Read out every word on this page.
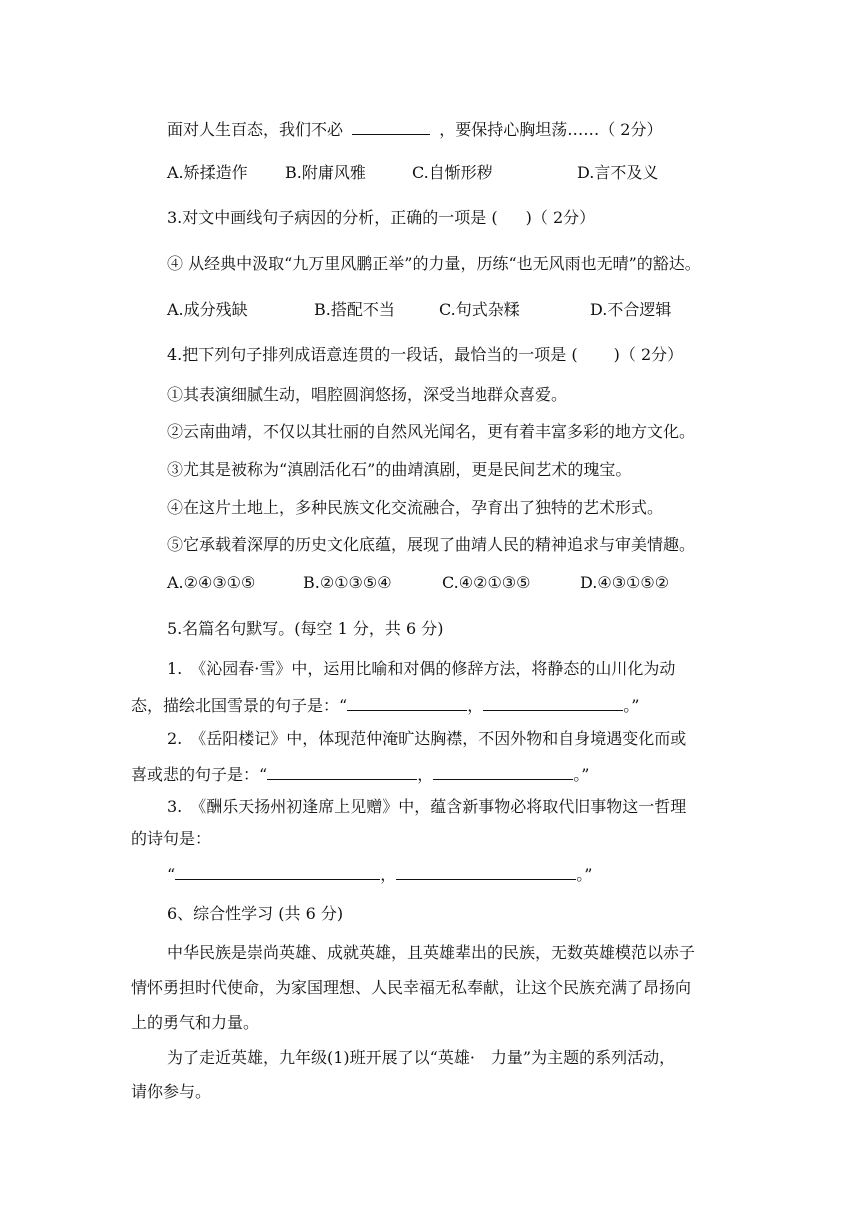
面对人生百态，我们不必	，要保持心胸坦荡……（ 2分）
A.矫揉造作 B.附庸风雅	C.自惭形秽	D.言不及义
3.对文中画线句子病因的分析，正确的一项是 ( )（ 2分）
④ 从经典中汲取“九万里风鹏正举”的力量，历练“也无风雨也无晴”的豁达。
A.成分残缺	B.搭配不当	C.句式杂糅	D.不合逻辑
4.把下列句子排列成语意连贯的一段话，最恰当的一项是 ( )（ 2分）
①其表演细腻生动，唱腔圆润悠扬，深受当地群众喜爱。
②云南曲靖，不仅以其壮丽的自然风光闻名，更有着丰富多彩的地方文化。
③尤其是被称为“滇剧活化石”的曲靖滇剧，更是民间艺术的瑰宝。
④在这片土地上，多种民族文化交流融合，孕育出了独特的艺术形式。
⑤它承载着深厚的历史文化底蕴，展现了曲靖人民的精神追求与审美情趣。
A.②④③①⑤	B.②①③⑤④	C.④②①③⑤	D.④③①⑤②
5.名篇名句默写。(每空 1 分，共 6 分)
1.　《沁园春·雪》中，运用比喻和对偶的修辞方法，将静态的山川化为动
态，描绘北国雪景的句子是：“	，	。”
2.　《岳阳楼记》中，体现范仲淹旷达胸襟，不因外物和自身境遇变化而或
喜或悲的句子是：“	，	。”
3.　《酬乐天扬州初逢席上见赠》中，蕴含新事物必将取代旧事物这一哲理
的诗句是：
“	，	。”
6、综合性学习 (共 6 分)
中华民族是崇尚英雄、成就英雄，且英雄辈出的民族，无数英雄模范以赤子
情怀勇担时代使命，为家国理想、人民幸福无私奉献，让这个民族充满了昂扬向
上的勇气和力量。
为了走近英雄，九年级(1)班开展了以“英雄·　力量”为主题的系列活动，
请你参与。
